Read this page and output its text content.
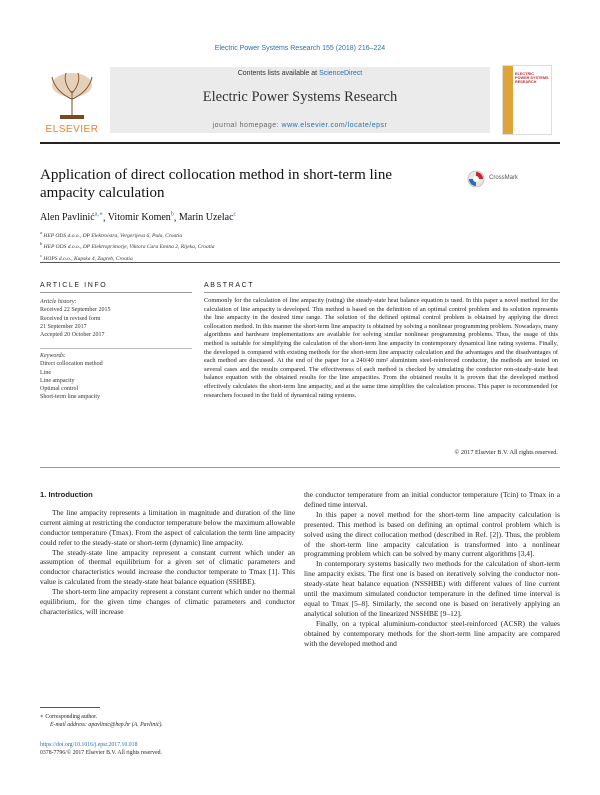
Electric Power Systems Research 155 (2018) 216–224
ELSEVIER
Contents lists available at ScienceDirect
Electric Power Systems Research
journal homepage: www.elsevier.com/locate/epsr
ELECTRIC POWER SYSTEMS RESEARCH
Application of direct collocation method in short-term line ampacity calculation
CrossMark
Alen Pavlinić$^{a,∗}$, Vitomir Komen$^b$, Marin Uzelac$^c$
$^a$ HEP ODS d.o.o., DP Elektroistra, Vergerijeva 6, Pula, Croatia
$^b$ HEP ODS d.o.o., DP Elektroprimorje, Viktora Cara Emina 2, Rijeka, Croatia
$^c$ HOPS d.o.o., Kupska 4, Zagreb, Croatia
ARTICLE INFO	ABSTRACT
Article history:
Received 22 September 2015
Received in revised form
21 September 2017
Accepted 20 October 2017
Keywords:
Direct collocation method
Line
Line ampacity
Optimal control
Short-term line ampacity
Commonly for the calculation of line ampacity (rating) the steady-state heat balance equation is used. In this paper a novel method for the calculation of line ampacity is developed. This method is based on the definition of an optimal control problem and its solution represents the line ampacity in the desired time range. The solution of the defined optimal control problem is obtained by applying the direct collocation method. In this manner the short-term line ampacity is obtained by solving a nonlinear programming problem. Nowadays, many algorithms and hardware implementations are available for solving similar nonlinear programming problems. Thus, the usage of this method is suitable for simplifying the calculation of the short-term line ampacity in contemporary dynamical line rating systems. Finally, the developed is compared with existing methods for the short-term line ampacity calculation and the advantages and the disadvantages of each method are discussed. At the end of the paper for a 240/40 mm² aluminium steel-reinforced conductor, the methods are tested on several cases and the results compared. The effectiveness of each method is checked by simulating the conductor non-steady-state heat balance equation with the obtained results for the line ampacities. From the obtained results it is proven that the developed method effectively calculates the short-term line ampacity, and at the same time simplifies the calculation process. This paper is recommended for researchers focused in the field of dynamical rating systems.
© 2017 Elsevier B.V. All rights reserved.

1. Introduction

The line ampacity represents a limitation in magnitude and duration of the line current aiming at restricting the conductor temperature below the maximum allowable conductor temperature (Tmax). From the aspect of calculation the term line ampacity could refer to the steady-state or short-term (dynamic) line ampacity.

The steady-state line ampacity represent a constant current which under an assumption of thermal equilibrium for a given set of climatic parameters and conductor characteristics would increase the conductor temperate to Tmax [1]. This value is calculated from the steady-state heat balance equation (SSHBE).

The short-term line ampacity represent a constant current which under no thermal equilibrium, for the given time changes of climatic parameters and conductor characteristics, will increase

the conductor temperature from an initial conductor temperature (Tcin) to Tmax in a defined time interval.

In this paper a novel method for the short-term line ampacity calculation is presented. This method is based on defining an optimal control problem which is solved using the direct collocation method (described in Ref. [2]). Thus, the problem of the short-term line ampacity calculation is transformed into a nonlinear programming problem which can be solved by many current algorithms [3,4].

In contemporary systems basically two methods for the calculation of short-term line ampacity exists. The first one is based on iteratively solving the conductor non-steady-state heat balance equation (NSSHBE) with different values of line current until the maximum simulated conductor temperature in the defined time interval is equal to Tmax [5–8]. Similarly, the second one is based on iteratively applying an analytical solution of the linearized NSSHBE [9–12].

Finally, on a typical aluminium-conductor steel-reinforced (ACSR) the values obtained by contemporary methods for the short-term line ampacity are compared with the developed method and

∗ Corresponding author.
E-mail address: apavlinic@hep.hr (A. Pavlinić).
https://doi.org/10.1016/j.epsr.2017.10.018
0378-7796/© 2017 Elsevier B.V. All rights reserved.
